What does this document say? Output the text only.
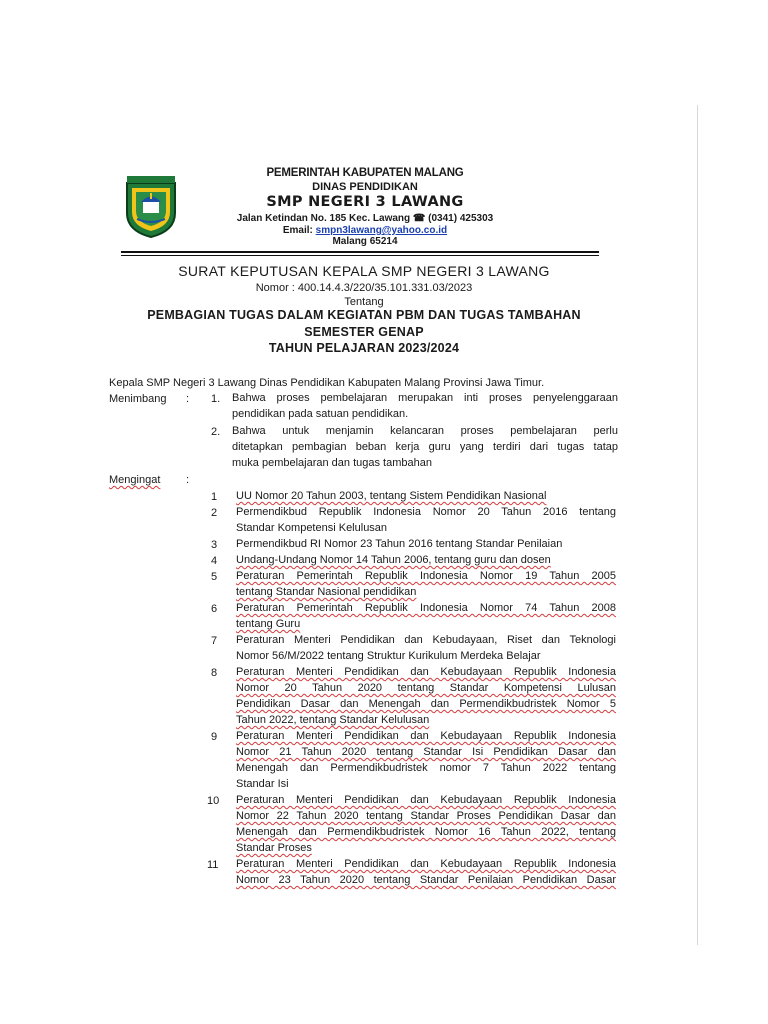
PEMERINTAH KABUPATEN MALANG
DINAS PENDIDIKAN
SMP NEGERI 3 LAWANG
Jalan Ketindan No. 185 Kec. Lawang ☎ (0341) 425303
Email: smpn3lawang@yahoo.co.id
Malang 65214
SURAT KEPUTUSAN KEPALA SMP NEGERI 3 LAWANG
Nomor : 400.14.4.3/220/35.101.331.03/2023
Tentang
PEMBAGIAN TUGAS DALAM KEGIATAN PBM DAN TUGAS TAMBAHAN
SEMESTER GENAP
TAHUN PELAJARAN 2023/2024
Kepala SMP Negeri 3 Lawang Dinas Pendidikan Kabupaten Malang Provinsi Jawa Timur.
Menimbang : 1. Bahwa proses pembelajaran merupakan inti proses penyelenggaraan
pendidikan pada satuan pendidikan.
2. Bahwa untuk menjamin kelancaran proses pembelajaran perlu
ditetapkan pembagian beban kerja guru yang terdiri dari tugas tatap
muka pembelajaran dan tugas tambahan
Mengingat :
1 UU Nomor 20 Tahun 2003, tentang Sistem Pendidikan Nasional
2 Permendikbud Republik Indonesia Nomor 20 Tahun 2016 tentang
Standar Kompetensi Kelulusan
3 Permendikbud RI Nomor 23 Tahun 2016 tentang Standar Penilaian
4 Undang-Undang Nomor 14 Tahun 2006, tentang guru dan dosen
5 Peraturan Pemerintah Republik Indonesia Nomor 19 Tahun 2005
tentang Standar Nasional pendidikan
6 Peraturan Pemerintah Republik Indonesia Nomor 74 Tahun 2008
tentang Guru
7 Peraturan Menteri Pendidikan dan Kebudayaan, Riset dan Teknologi
Nomor 56/M/2022 tentang Struktur Kurikulum Merdeka Belajar
8 Peraturan Menteri Pendidikan dan Kebudayaan Republik Indonesia
Nomor 20 Tahun 2020 tentang Standar Kompetensi Lulusan
Pendidikan Dasar dan Menengah dan Permendikbudristek Nomor 5
Tahun 2022, tentang Standar Kelulusan
9 Peraturan Menteri Pendidikan dan Kebudayaan Republik Indonesia
Nomor 21 Tahun 2020 tentang Standar Isi Pendidikan Dasar dan
Menengah dan Permendikbudristek nomor 7 Tahun 2022 tentang
Standar Isi
10 Peraturan Menteri Pendidikan dan Kebudayaan Republik Indonesia
Nomor 22 Tahun 2020 tentang Standar Proses Pendidikan Dasar dan
Menengah dan Permendikbudristek Nomor 16 Tahun 2022, tentang
Standar Proses
11 Peraturan Menteri Pendidikan dan Kebudayaan Republik Indonesia
Nomor 23 Tahun 2020 tentang Standar Penilaian Pendidikan Dasar
